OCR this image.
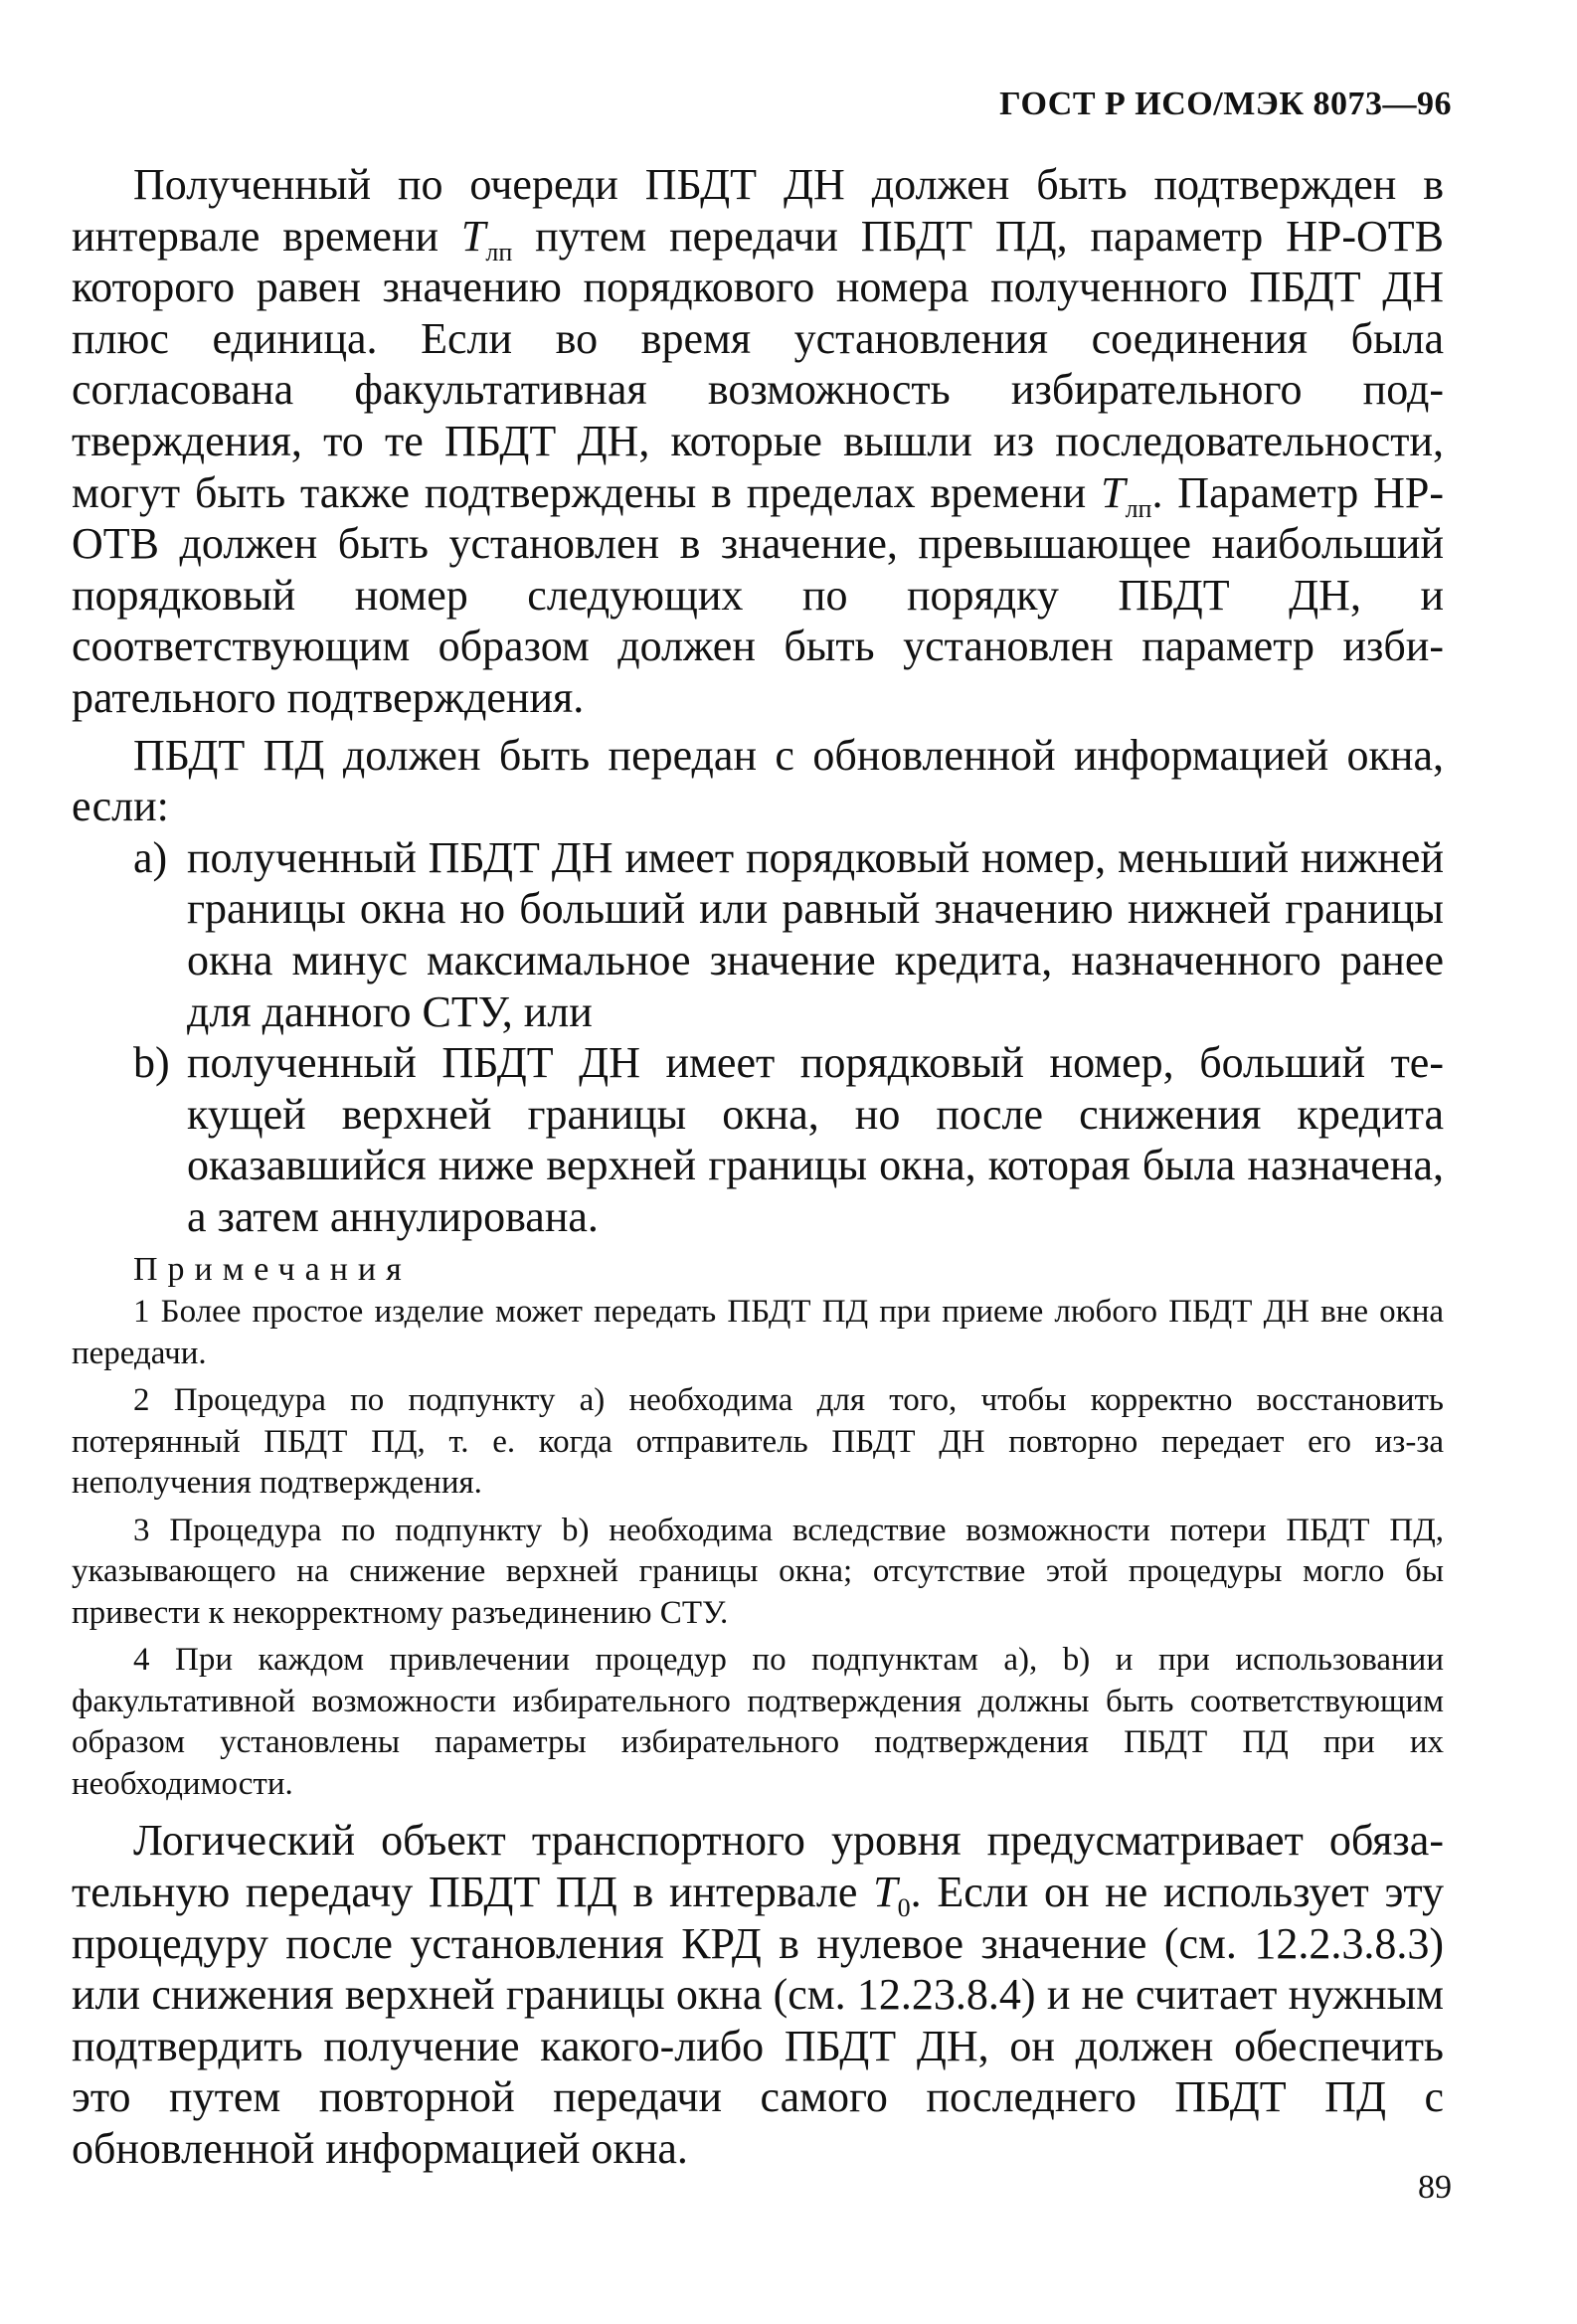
ГОСТ Р ИСО/МЭК 8073—96

Полученный по очереди ПБДТ ДН должен быть подтвержден в интервале времени $T_{лп}$ путем передачи ПБДТ ПД, параметр НР-ОТВ которого равен значению порядкового номера полученного ПБДТ ДН плюс единица. Если во время установления соединения была согласована факультативная возможность избирательного подтверждения, то те ПБДТ ДН, которые вышли из последовательности, могут быть также подтверждены в пределах времени $T_{лп}$. Параметр НР-ОТВ должен быть установлен в значение, превышающее наибольший порядковый номер следующих по порядку ПБДТ ДН, и соответствующим образом должен быть установлен параметр избирательного подтверждения.

ПБДТ ПД должен быть передан с обновленной информацией окна, если:

a) полученный ПБДТ ДН имеет порядковый номер, меньший нижней границы окна но больший или равный значению нижней границы окна минус максимальное значение кредита, назначенного ранее для данного СТУ, или
b) полученный ПБДТ ДН имеет порядковый номер, больший текущей верхней границы окна, но после снижения кредита оказавшийся ниже верхней границы окна, которая была назначена, а затем аннулирована.
Примечания

1 Более простое изделие может передать ПБДТ ПД при приеме любого ПБДТ ДН вне окна передачи.

2 Процедура по подпункту а) необходима для того, чтобы корректно восстановить потерянный ПБДТ ПД, т. е. когда отправитель ПБДТ ДН повторно передает его из-за неполучения подтверждения.

3 Процедура по подпункту b) необходима вследствие возможности потери ПБДТ ПД, указывающего на снижение верхней границы окна; отсутствие этой процедуры могло бы привести к некорректному разъединению СТУ.

4 При каждом привлечении процедур по подпунктам а), b) и при использовании факультативной возможности избирательного подтверждения должны быть соответствующим образом установлены параметры избирательного подтверждения ПБДТ ПД при их необходимости.

Логический объект транспортного уровня предусматривает обязательную передачу ПБДТ ПД в интервале $T_0$. Если он не использует эту процедуру после установления КРД в нулевое значение (см. 12.2.3.8.3) или снижения верхней границы окна (см. 12.23.8.4) и не считает нужным подтвердить получение какого-либо ПБДТ ДН, он должен обеспечить это путем повторной передачи самого последнего ПБДТ ПД с обновленной информацией окна.

89
